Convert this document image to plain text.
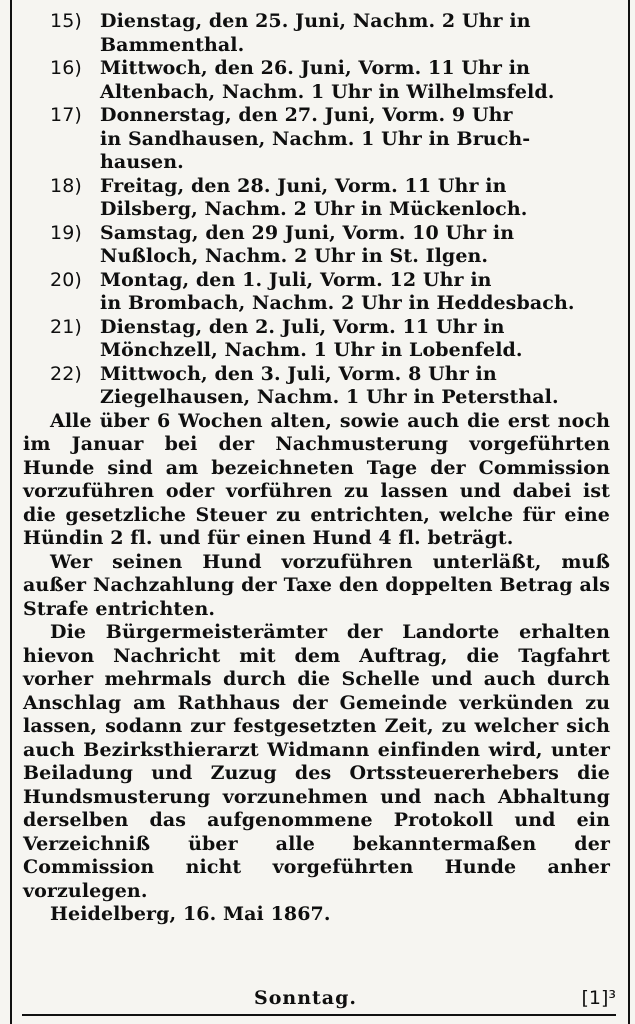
15) Dienstag, den 25. Juni, Nachm. 2 Uhr in
Bammenthal.
16) Mittwoch, den 26. Juni, Vorm. 11 Uhr in
Altenbach, Nachm. 1 Uhr in Wilhelmsfeld.
17) Donnerstag, den 27. Juni, Vorm. 9 Uhr
in Sandhausen, Nachm. 1 Uhr in Bruch-
hausen.
18) Freitag, den 28. Juni, Vorm. 11 Uhr in
Dilsberg, Nachm. 2 Uhr in Mückenloch.
19) Samstag, den 29 Juni, Vorm. 10 Uhr in
Nußloch, Nachm. 2 Uhr in St. Ilgen.
20) Montag, den 1. Juli, Vorm. 12 Uhr in
in Brombach, Nachm. 2 Uhr in Heddesbach.
21) Dienstag, den 2. Juli, Vorm. 11 Uhr in
Mönchzell, Nachm. 1 Uhr in Lobenfeld.
22) Mittwoch, den 3. Juli, Vorm. 8 Uhr in
Ziegelhausen, Nachm. 1 Uhr in Petersthal.
Alle über 6 Wochen alten, sowie auch die erst noch im Januar bei der Nachmusterung vorgeführten Hunde sind am bezeichneten Tage der Commission vorzuführen oder vorführen zu lassen und dabei ist die gesetzliche Steuer zu entrichten, welche für eine Hündin 2 fl. und für einen Hund 4 fl. beträgt.
Wer seinen Hund vorzuführen unterläßt, muß außer Nachzahlung der Taxe den doppelten Betrag als Strafe entrichten.
Die Bürgermeisterämter der Landorte erhalten hievon Nachricht mit dem Auftrag, die Tagfahrt vorher mehrmals durch die Schelle und auch durch Anschlag am Rathhaus der Gemeinde verkünden zu lassen, sodann zur festgesetzten Zeit, zu welcher sich auch Bezirksthierarzt Widmann einfinden wird, unter Beiladung und Zuzug des Ortssteuererhebers die Hundsmusterung vorzunehmen und nach Abhaltung derselben das aufgenommene Protokoll und ein Verzeichniß über alle bekanntermaßen der Commission nicht vorgeführten Hunde anher vorzulegen.
Heidelberg, 16. Mai 1867.
Sonntag.	[1]³
